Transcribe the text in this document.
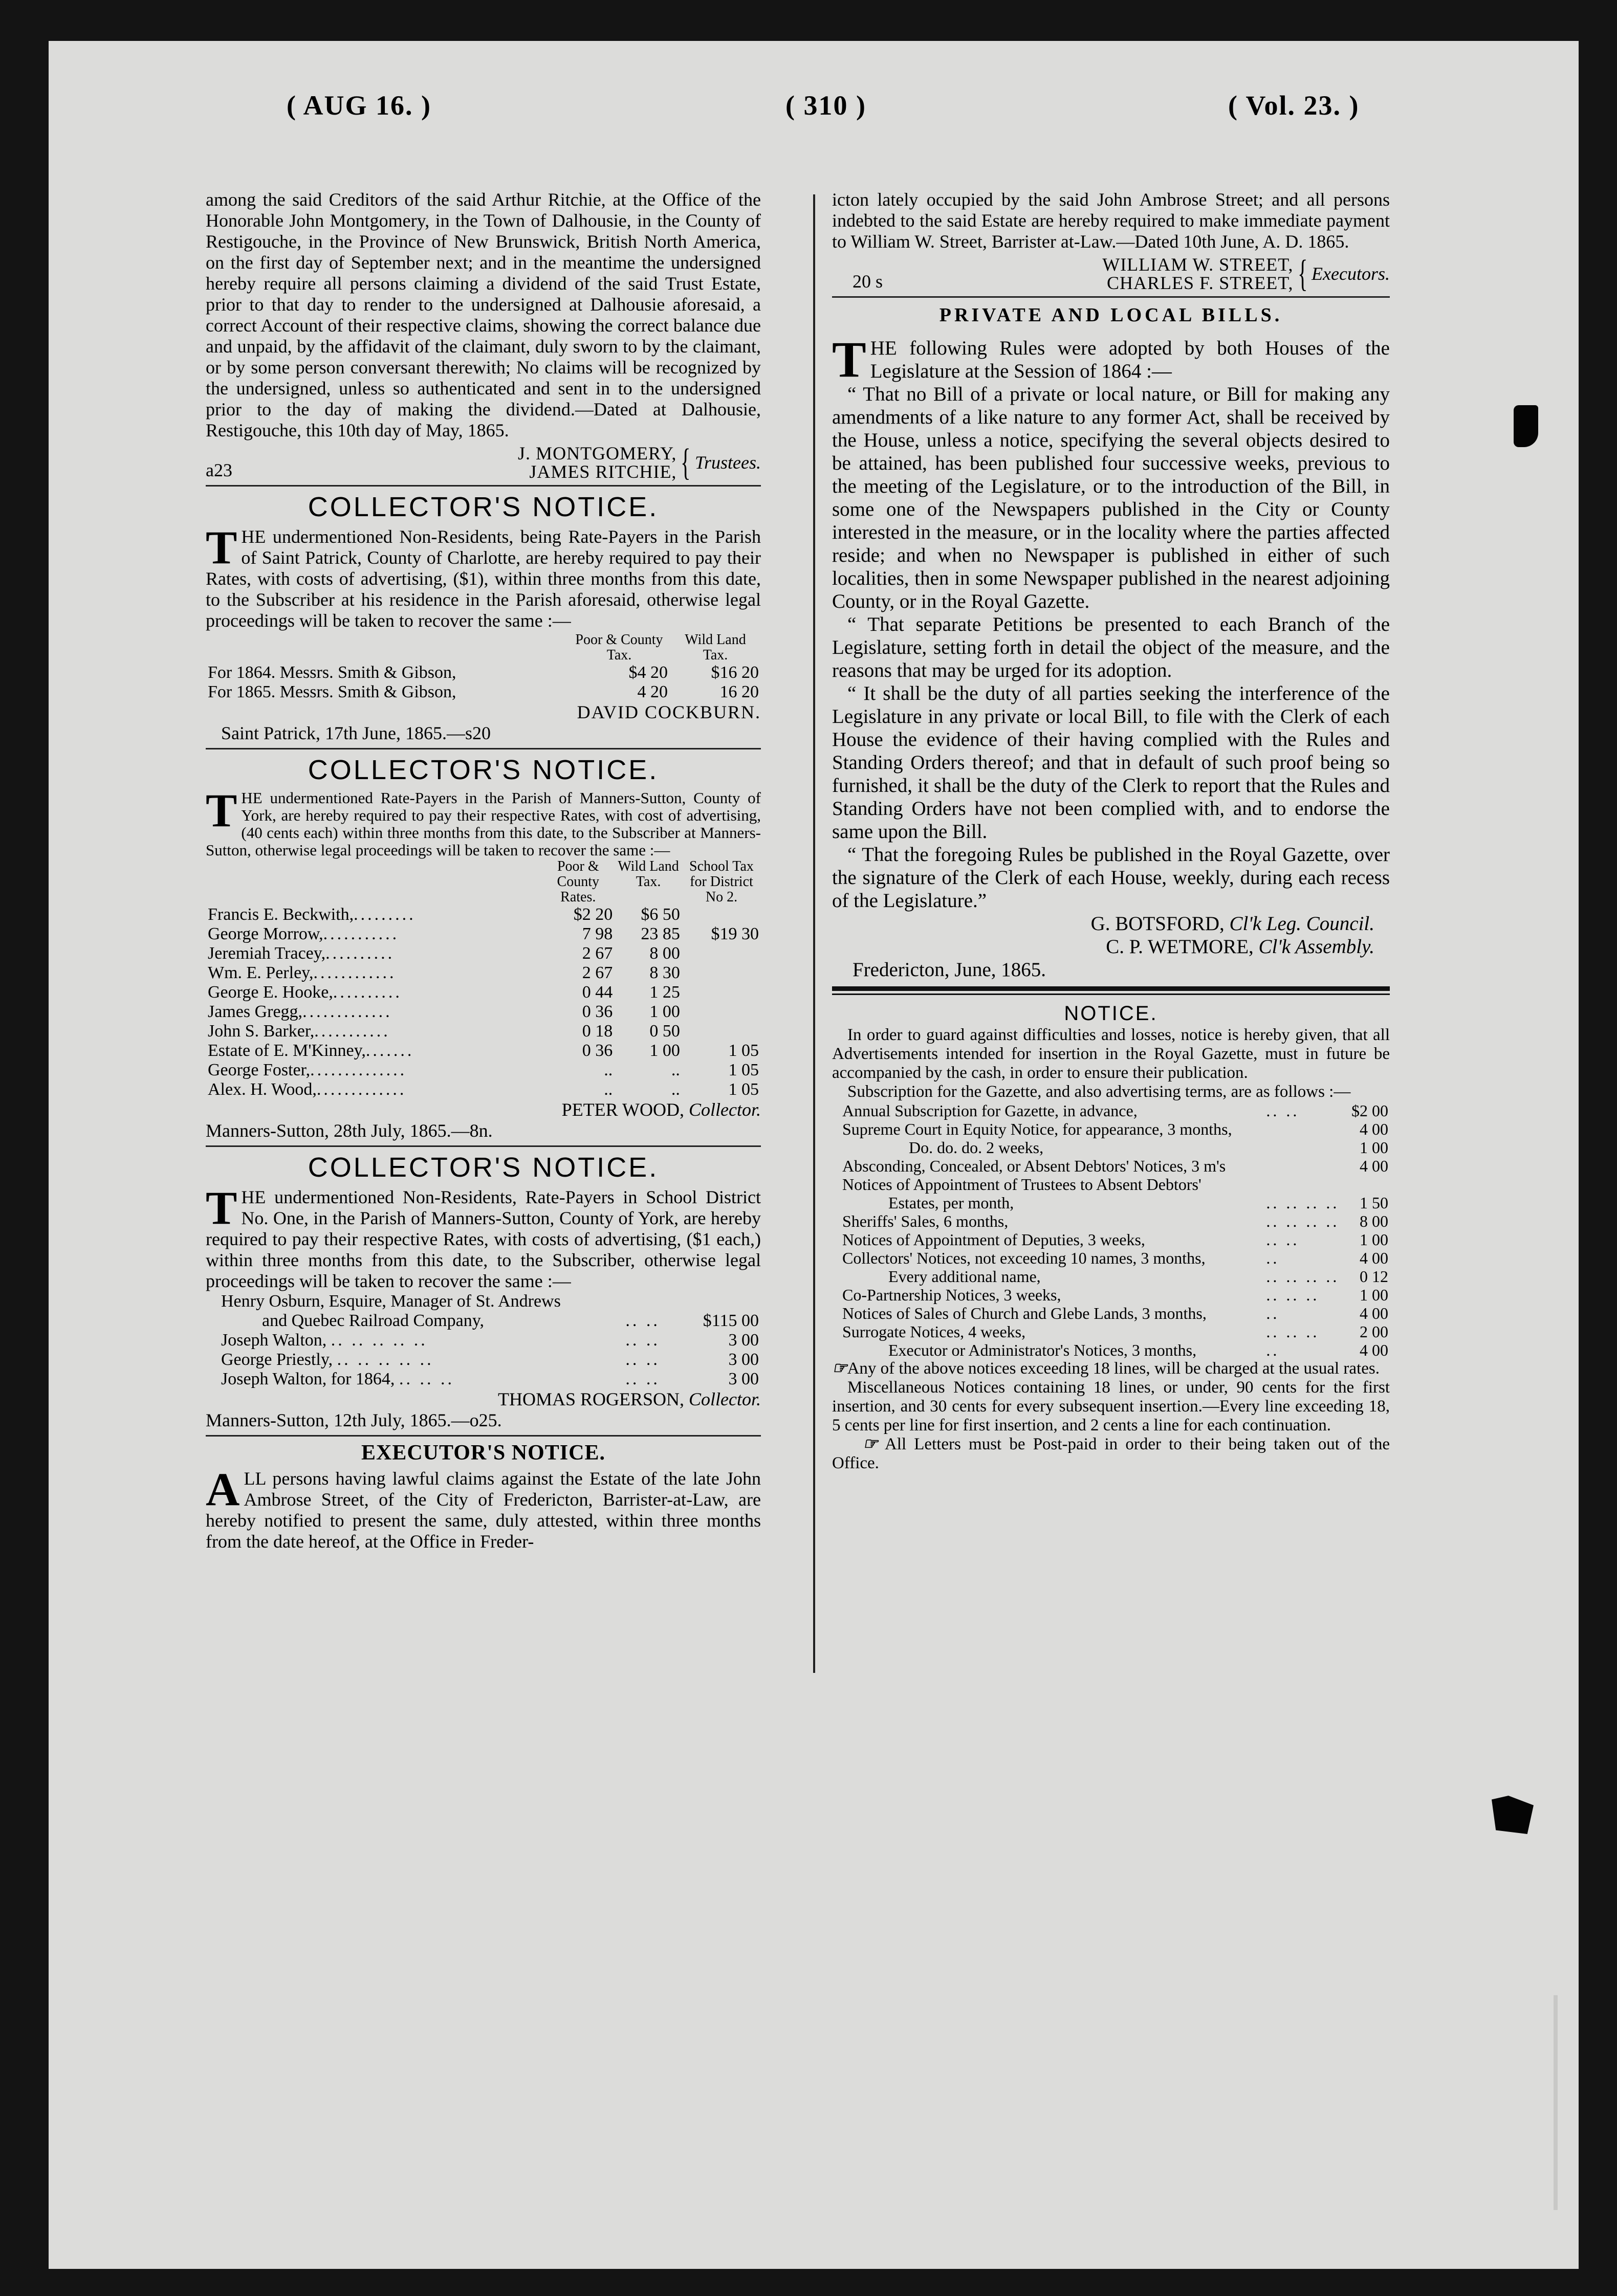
( AUG 16. )	( 310 )	( Vol. 23. )

among the said Creditors of the said Arthur Ritchie, at the Office of the Honorable John Montgomery, in the Town of Dalhousie, in the County of Restigouche, in the Province of New Brunswick, British North America, on the first day of September next; and in the meantime the undersigned hereby require all persons claiming a dividend of the said Trust Estate, prior to that day to render to the undersigned at Dalhousie aforesaid, a correct Account of their respective claims, showing the correct balance due and unpaid, by the affidavit of the claimant, duly sworn to by the claimant, or by some person conversant therewith; No claims will be recognized by the undersigned, unless so authenticated and sent in to the undersigned prior to the day of making the dividend.—Dated at Dalhousie, Restigouche, this 10th day of May, 1865.

a23
J. MONTGOMERY,
JAMES RITCHIE, { Trustees.
COLLECTOR'S NOTICE.
T HE undermentioned Non-Residents, being Rate-Payers in the Parish of Saint Patrick, County of Charlotte, are hereby required to pay their Rates, with costs of advertising, ($1), within three months from this date, to the Subscriber at his residence in the Parish aforesaid, otherwise legal proceedings will be taken to recover the same :—

	Poor & County Tax.	Wild Land Tax.
For 1864. Messrs. Smith & Gibson,	$4 20	$16 20
For 1865. Messrs. Smith & Gibson,	4 20	16 20
DAVID COCKBURN.
Saint Patrick, 17th June, 1865.—s20
COLLECTOR'S NOTICE.
T HE undermentioned Rate-Payers in the Parish of Manners-Sutton, County of York, are hereby required to pay their respective Rates, with cost of advertising, (40 cents each) within three months from this date, to the Subscriber at Manners-Sutton, otherwise legal proceedings will be taken to recover the same :—

	Poor & County Rates.	Wild Land Tax.	School Tax for District No 2.
Francis E. Beckwith,.........	$2 20	$6 50	
George Morrow,...........	7 98	23 85	$19 30
Jeremiah Tracey,..........	2 67	8 00	
Wm. E. Perley,............	2 67	8 30	
George E. Hooke,..........	0 44	1 25	
James Gregg,.............	0 36	1 00	
John S. Barker,...........	0 18	0 50	
Estate of E. M'Kinney,.......	0 36	1 00	1 05
George Foster,..............	..	..	1 05
Alex. H. Wood,.............	..	..	1 05
PETER WOOD, Collector.
Manners-Sutton, 28th July, 1865.—8n.
COLLECTOR'S NOTICE.
T HE undermentioned Non-Residents, Rate-Payers in School District No. One, in the Parish of Manners-Sutton, County of York, are hereby required to pay their respective Rates, with costs of advertising, ($1 each,) within three months from this date, to the Subscriber, otherwise legal proceedings will be taken to recover the same :—

Henry Osburn, Esquire, Manager of St. Andrews		
and Quebec Railroad Company,	.. ..	$115 00
Joseph Walton, .. .. .. .. ..	.. ..	3 00
George Priestly, .. .. .. .. ..	.. ..	3 00
Joseph Walton, for 1864, .. .. ..	.. ..	3 00
THOMAS ROGERSON, Collector.
Manners-Sutton, 12th July, 1865.—o25.
EXECUTOR'S NOTICE.
A LL persons having lawful claims against the Estate of the late John Ambrose Street, of the City of Fredericton, Barrister-at-Law, are hereby notified to present the same, duly attested, within three months from the date hereof, at the Office in Freder-

icton lately occupied by the said John Ambrose Street; and all persons indebted to the said Estate are hereby required to make immediate payment to William W. Street, Barrister at-Law.—Dated 10th June, A. D. 1865.

20 s
WILLIAM W. STREET,
CHARLES F. STREET, { Executors.
PRIVATE AND LOCAL BILLS.
T HE following Rules were adopted by both Houses of the Legislature at the Session of 1864 :—

“ That no Bill of a private or local nature, or Bill for making any amendments of a like nature to any former Act, shall be received by the House, unless a notice, specifying the several objects desired to be attained, has been published four successive weeks, previous to the meeting of the Legislature, or to the introduction of the Bill, in some one of the Newspapers published in the City or County interested in the measure, or in the locality where the parties affected reside; and when no Newspaper is published in either of such localities, then in some Newspaper published in the nearest adjoining County, or in the Royal Gazette.

“ That separate Petitions be presented to each Branch of the Legislature, setting forth in detail the object of the measure, and the reasons that may be urged for its adoption.

“ It shall be the duty of all parties seeking the interference of the Legislature in any private or local Bill, to file with the Clerk of each House the evidence of their having complied with the Rules and Standing Orders thereof; and that in default of such proof being so furnished, it shall be the duty of the Clerk to report that the Rules and Standing Orders have not been complied with, and to endorse the same upon the Bill.

“ That the foregoing Rules be published in the Royal Gazette, over the signature of the Clerk of each House, weekly, during each recess of the Legislature.”

G. BOTSFORD, Cl'k Leg. Council.
C. P. WETMORE, Cl'k Assembly.
Fredericton, June, 1865.
NOTICE.

In order to guard against difficulties and losses, notice is hereby given, that all Advertisements intended for insertion in the Royal Gazette, must in future be accompanied by the cash, in order to ensure their publication.

Subscription for the Gazette, and also advertising terms, are as follows :—

Annual Subscription for Gazette, in advance,	.. ..	$2 00
Supreme Court in Equity Notice, for appearance, 3 months,		4 00
Do. do. do. 2 weeks,		1 00
Absconding, Concealed, or Absent Debtors' Notices, 3 m's		4 00
Notices of Appointment of Trustees to Absent Debtors'		
Estates, per month,	.. .. .. ..	1 50
Sheriffs' Sales, 6 months,	.. .. .. ..	8 00
Notices of Appointment of Deputies, 3 weeks,	.. ..	1 00
Collectors' Notices, not exceeding 10 names, 3 months,	..	4 00
Every additional name,	.. .. .. ..	0 12
Co-Partnership Notices, 3 weeks,	.. .. ..	1 00
Notices of Sales of Church and Glebe Lands, 3 months,	..	4 00
Surrogate Notices, 4 weeks,	.. .. ..	2 00
Executor or Administrator's Notices, 3 months,	..	4 00

☞Any of the above notices exceeding 18 lines, will be charged at the usual rates.

Miscellaneous Notices containing 18 lines, or under, 90 cents for the first insertion, and 30 cents for every subsequent insertion.—Every line exceeding 18, 5 cents per line for first insertion, and 2 cents a line for each continuation.

☞ All Letters must be Post-paid in order to their being taken out of the Office.
